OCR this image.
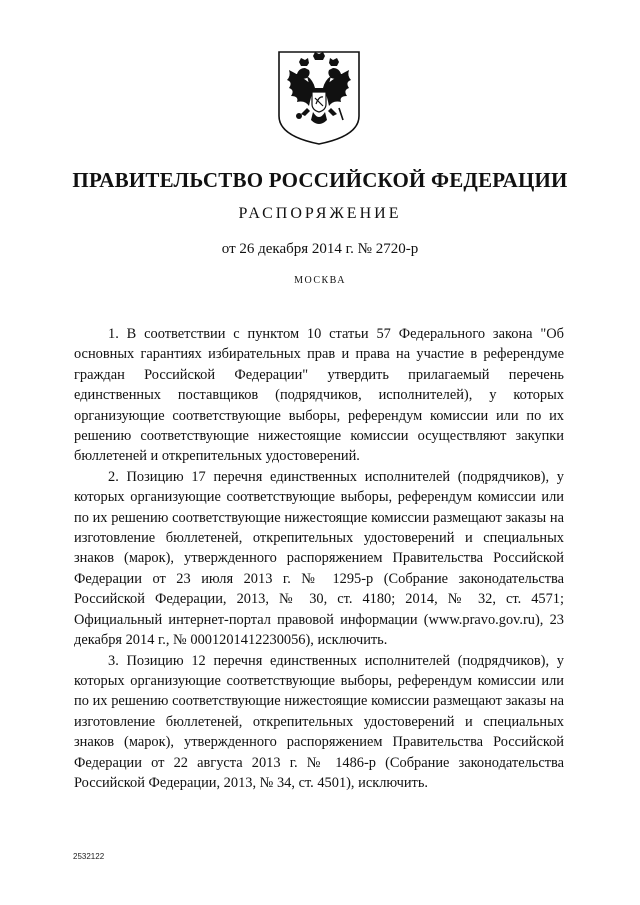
ПРАВИТЕЛЬСТВО РОССИЙСКОЙ ФЕДЕРАЦИИ
РАСПОРЯЖЕНИЕ
от 26 декабря 2014 г. № 2720-р
МОСКВА

1. В соответствии с пунктом 10 статьи 57 Федерального закона "Об основных гарантиях избирательных прав и права на участие в референдуме граждан Российской Федерации" утвердить прилагаемый перечень единственных поставщиков (подрядчиков, исполнителей), у которых организующие соответствующие выборы, референдум комиссии или по их решению соответствующие нижестоящие комиссии осуществляют закупки бюллетеней и открепительных удостоверений.

2. Позицию 17 перечня единственных исполнителей (подрядчиков), у которых организующие соответствующие выборы, референдум комиссии или по их решению соответствующие нижестоящие комиссии размещают заказы на изготовление бюллетеней, открепительных удостоверений и специальных знаков (марок), утвержденного распоряжением Правительства Российской Федерации от 23 июля 2013 г. № 1295-р (Собрание законодательства Российской Федерации, 2013, № 30, ст. 4180; 2014, № 32, ст. 4571; Официальный интернет-портал правовой информации (www.pravo.gov.ru), 23 декабря 2014 г., № 0001201412230056), исключить.

3. Позицию 12 перечня единственных исполнителей (подрядчиков), у которых организующие соответствующие выборы, референдум комиссии или по их решению соответствующие нижестоящие комиссии размещают заказы на изготовление бюллетеней, открепительных удостоверений и специальных знаков (марок), утвержденного распоряжением Правительства Российской Федерации от 22 августа 2013 г. № 1486-р (Собрание законодательства Российской Федерации, 2013, № 34, ст. 4501), исключить.

2532122
